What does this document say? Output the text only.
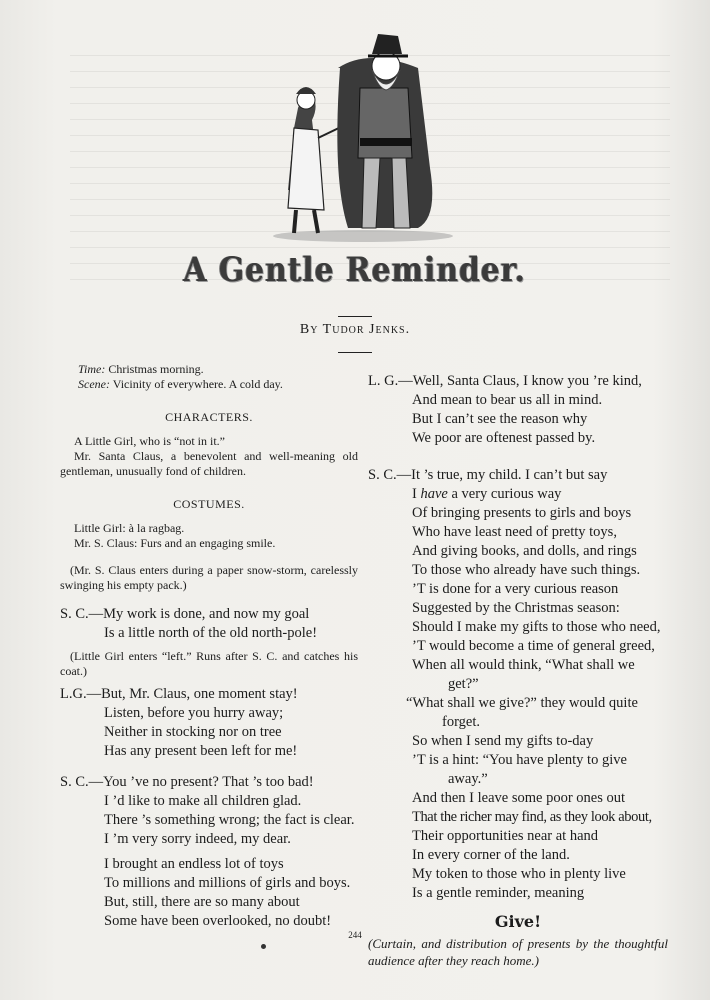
A Gentle Reminder.
By Tudor Jenks.
Time: Christmas morning.
Scene: Vicinity of everywhere. A cold day.
CHARACTERS.
A Little Girl, who is “not in it.”
Mr. Santa Claus, a benevolent and well-meaning old gentleman, unusually fond of children.
COSTUMES.
Little Girl: à la ragbag.
Mr. S. Claus: Furs and an engaging smile.
(Mr. S. Claus enters during a paper snow-storm, carelessly swinging his empty pack.)

S. C.—My work is done, and now my goal

Is a little north of the old north-pole!

(Little Girl enters “left.” Runs after S. C. and catches his coat.)

L.G.—But, Mr. Claus, one moment stay!

Listen, before you hurry away;

Neither in stocking nor on tree

Has any present been left for me!

S. C.—You ’ve no present? That ’s too bad!

I ’d like to make all children glad.

There ’s something wrong; the fact is clear.

I ’m very sorry indeed, my dear.

I brought an endless lot of toys

To millions and millions of girls and boys.

But, still, there are so many about

Some have been overlooked, no doubt!

L. G.—Well, Santa Claus, I know you ’re kind,

And mean to bear us all in mind.

But I can’t see the reason why

We poor are oftenest passed by.

S. C.—It ’s true, my child. I can’t but say

I have a very curious way

Of bringing presents to girls and boys

Who have least need of pretty toys,

And giving books, and dolls, and rings

To those who already have such things.

’T is done for a very curious reason

Suggested by the Christmas season:

Should I make my gifts to those who need,

’T would become a time of general greed,

When all would think, “What shall we get?”

“What shall we give?” they would quite forget.

So when I send my gifts to-day

’T is a hint: “You have plenty to give away.”

And then I leave some poor ones out

That the richer may find, as they look about,

Their opportunities near at hand

In every corner of the land.

My token to those who in plenty live

Is a gentle reminder, meaning

Give!
(Curtain, and distribution of presents by the thoughtful audience after they reach home.)
244
